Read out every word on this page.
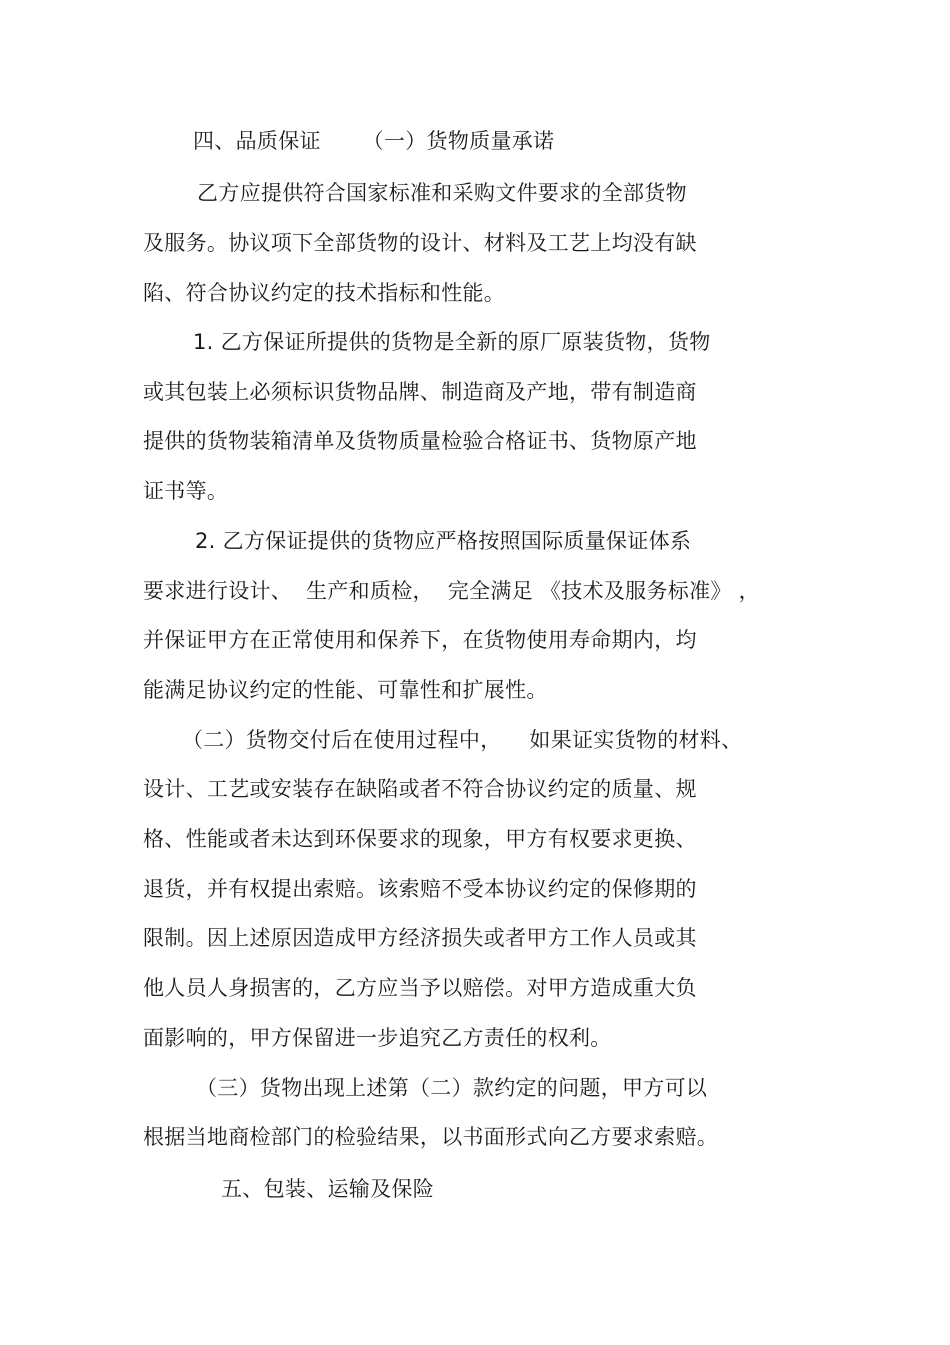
四、品质保证      （一）货物质量承诺
乙方应提供符合国家标准和采购文件要求的全部货物
及服务。协议项下全部货物的设计、材料及工艺上均没有缺
陷、符合协议约定的技术指标和性能。
1. 乙方保证所提供的货物是全新的原厂原装货物，货物
或其包装上必须标识货物品牌、制造商及产地，带有制造商
提供的货物装箱清单及货物质量检验合格证书、货物原产地
证书等。
2. 乙方保证提供的货物应严格按照国际质量保证体系
要求进行设计、  生产和质检，  完全满足 《技术及服务标准》 ，
并保证甲方在正常使用和保养下，在货物使用寿命期内，均
能满足协议约定的性能、可靠性和扩展性。
（二）货物交付后在使用过程中，    如果证实货物的材料、
设计、工艺或安装存在缺陷或者不符合协议约定的质量、规
格、性能或者未达到环保要求的现象，甲方有权要求更换、
退货，并有权提出索赔。该索赔不受本协议约定的保修期的
限制。因上述原因造成甲方经济损失或者甲方工作人员或其
他人员人身损害的，乙方应当予以赔偿。对甲方造成重大负
面影响的，甲方保留进一步追究乙方责任的权利。
（三）货物出现上述第（二）款约定的问题，甲方可以
根据当地商检部门的检验结果，以书面形式向乙方要求索赔。
五、包装、运输及保险
